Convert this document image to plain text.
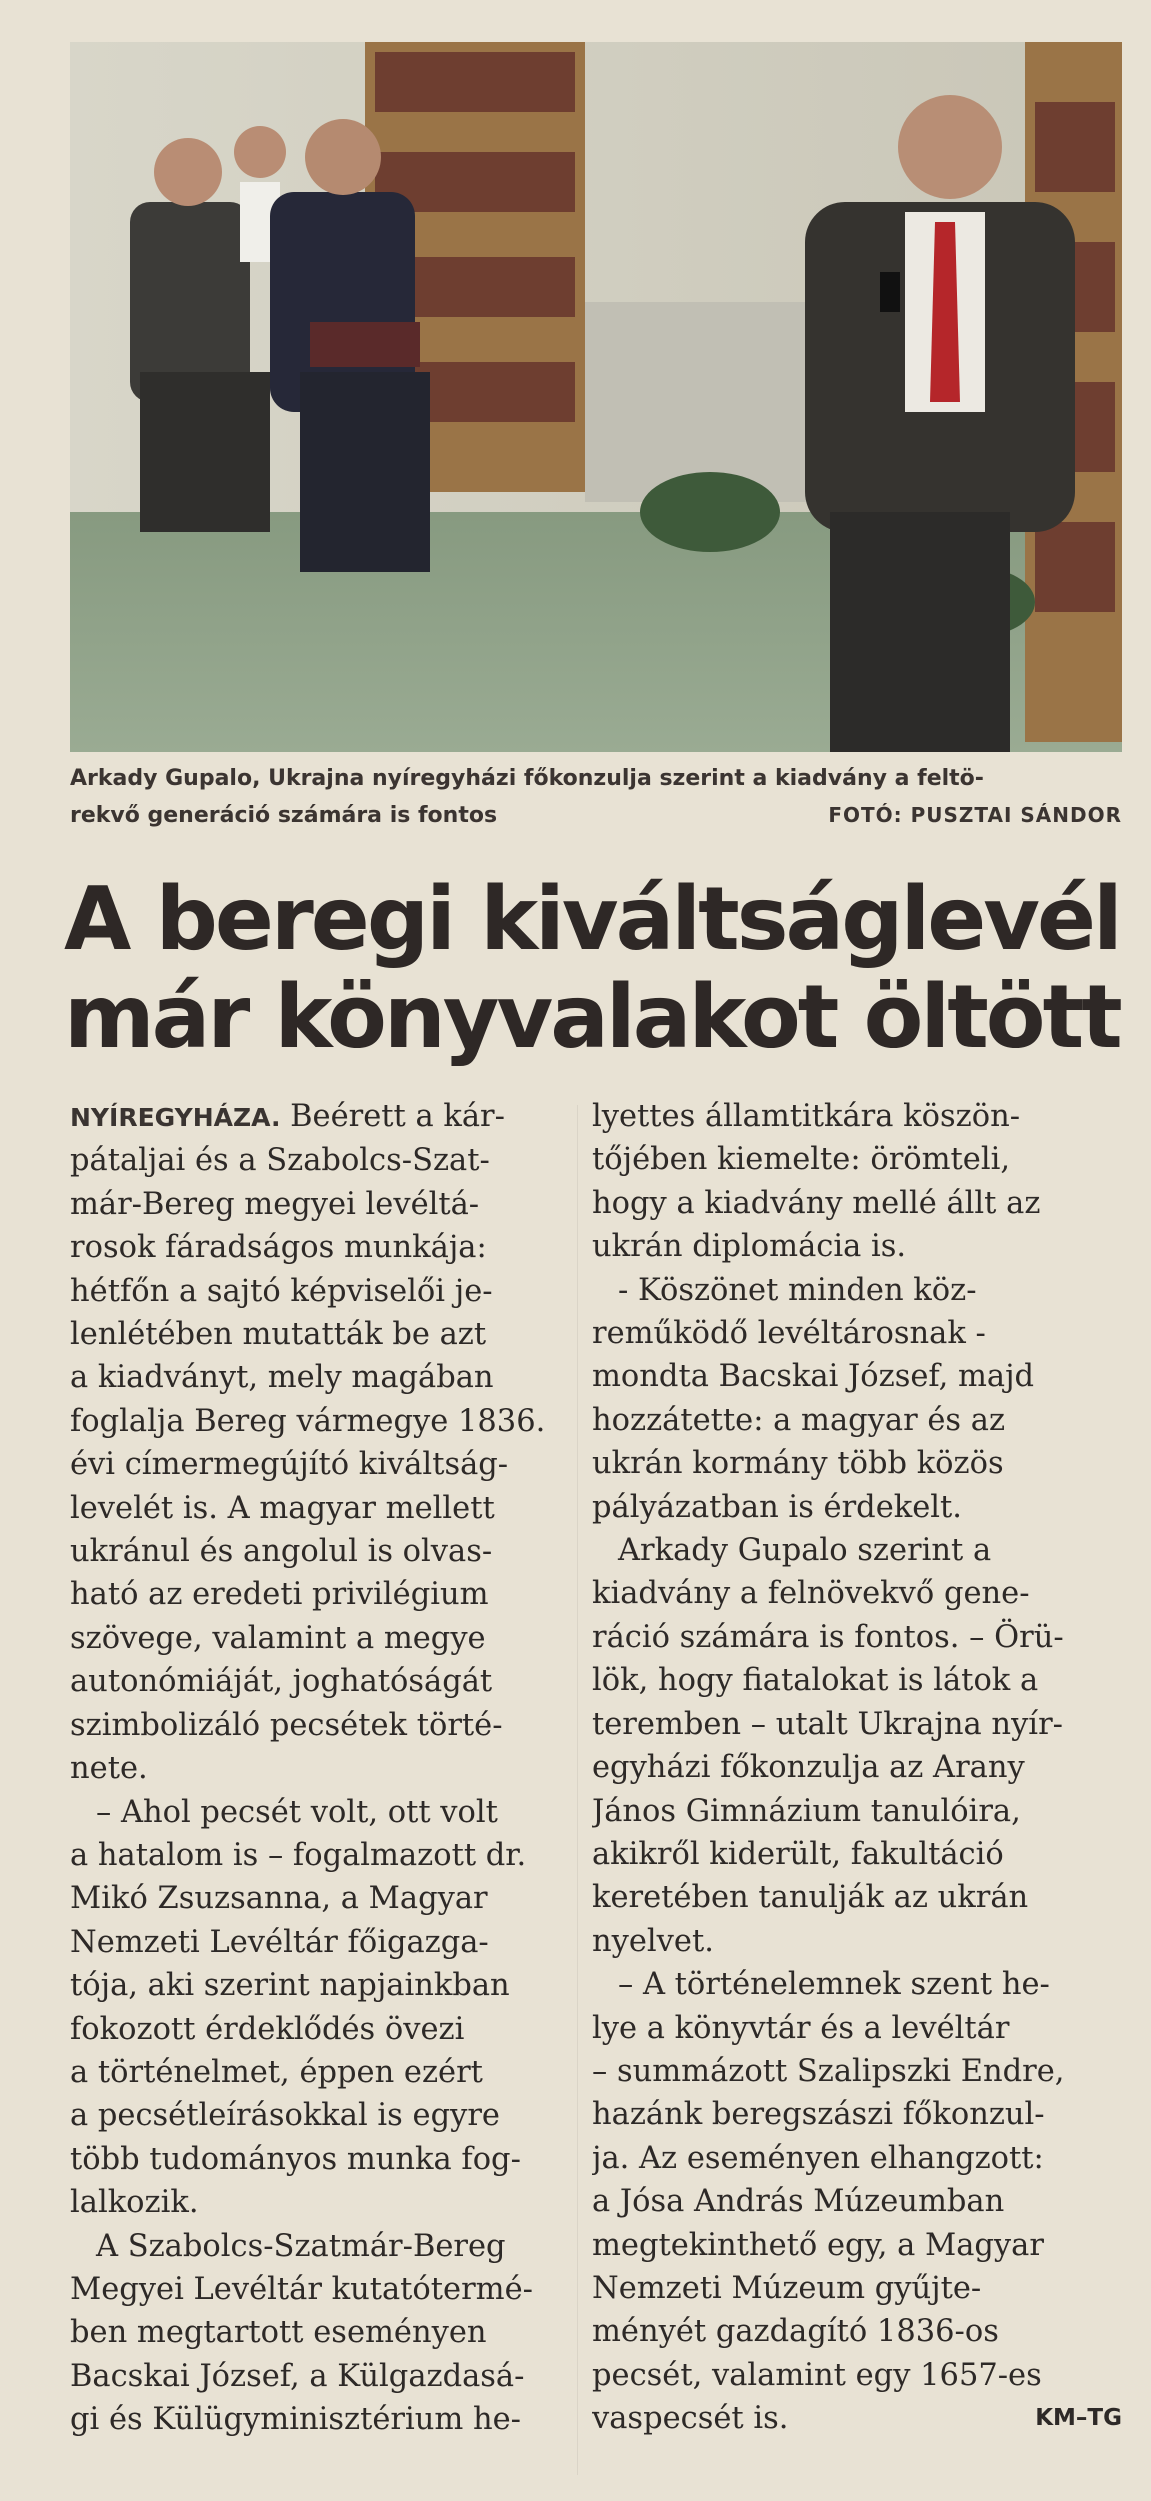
Arkady Gupalo, Ukrajna nyíregyházi főkonzulja szerint a kiadvány a feltö-
rekvő generáció számára is fontos	FOTÓ: PUSZTAI SÁNDOR
A beregi kiváltságlevél
már könyvalakot öltött
NYÍREGYHÁZA. Beérett a kár-
pátaljai és a Szabolcs-Szat-
már-Bereg megyei levéltá-
rosok fáradságos munkája:
hétfőn a sajtó képviselői je-
lenlétében mutatták be azt
a kiadványt, mely magában
foglalja Bereg vármegye 1836.
évi címermegújító kiváltság-
levelét is. A magyar mellett
ukránul és angolul is olvas-
ható az eredeti privilégium
szövege, valamint a megye
autonómiáját, joghatóságát
szimbolizáló pecsétek törté-
nete.
– Ahol pecsét volt, ott volt
a hatalom is – fogalmazott dr.
Mikó Zsuzsanna, a Magyar
Nemzeti Levéltár főigazga-
tója, aki szerint napjainkban
fokozott érdeklődés övezi
a történelmet, éppen ezért
a pecsétleírásokkal is egyre
több tudományos munka fog-
lalkozik.
A Szabolcs-Szatmár-Bereg
Megyei Levéltár kutatótermé-
ben megtartott eseményen
Bacskai József, a Külgazdasá-
gi és Külügyminisztérium he-
lyettes államtitkára köszön-
tőjében kiemelte: örömteli,
hogy a kiadvány mellé állt az
ukrán diplomácia is.
- Köszönet minden köz-
reműködő levéltárosnak -
mondta Bacskai József, majd
hozzátette: a magyar és az
ukrán kormány több közös
pályázatban is érdekelt.
Arkady Gupalo szerint a
kiadvány a felnövekvő gene-
ráció számára is fontos. – Örü-
lök, hogy fiatalokat is látok a
teremben – utalt Ukrajna nyír-
egyházi főkonzulja az Arany
János Gimnázium tanulóira,
akikről kiderült, fakultáció
keretében tanulják az ukrán
nyelvet.
– A történelemnek szent he-
lye a könyvtár és a levéltár
– summázott Szalipszki Endre,
hazánk beregszászi főkonzul-
ja. Az eseményen elhangzott:
a Jósa András Múzeumban
megtekinthető egy, a Magyar
Nemzeti Múzeum gyűjte-
ményét gazdagító 1836-os
pecsét, valamint egy 1657-es
vaspecsét is.	KM–TG
